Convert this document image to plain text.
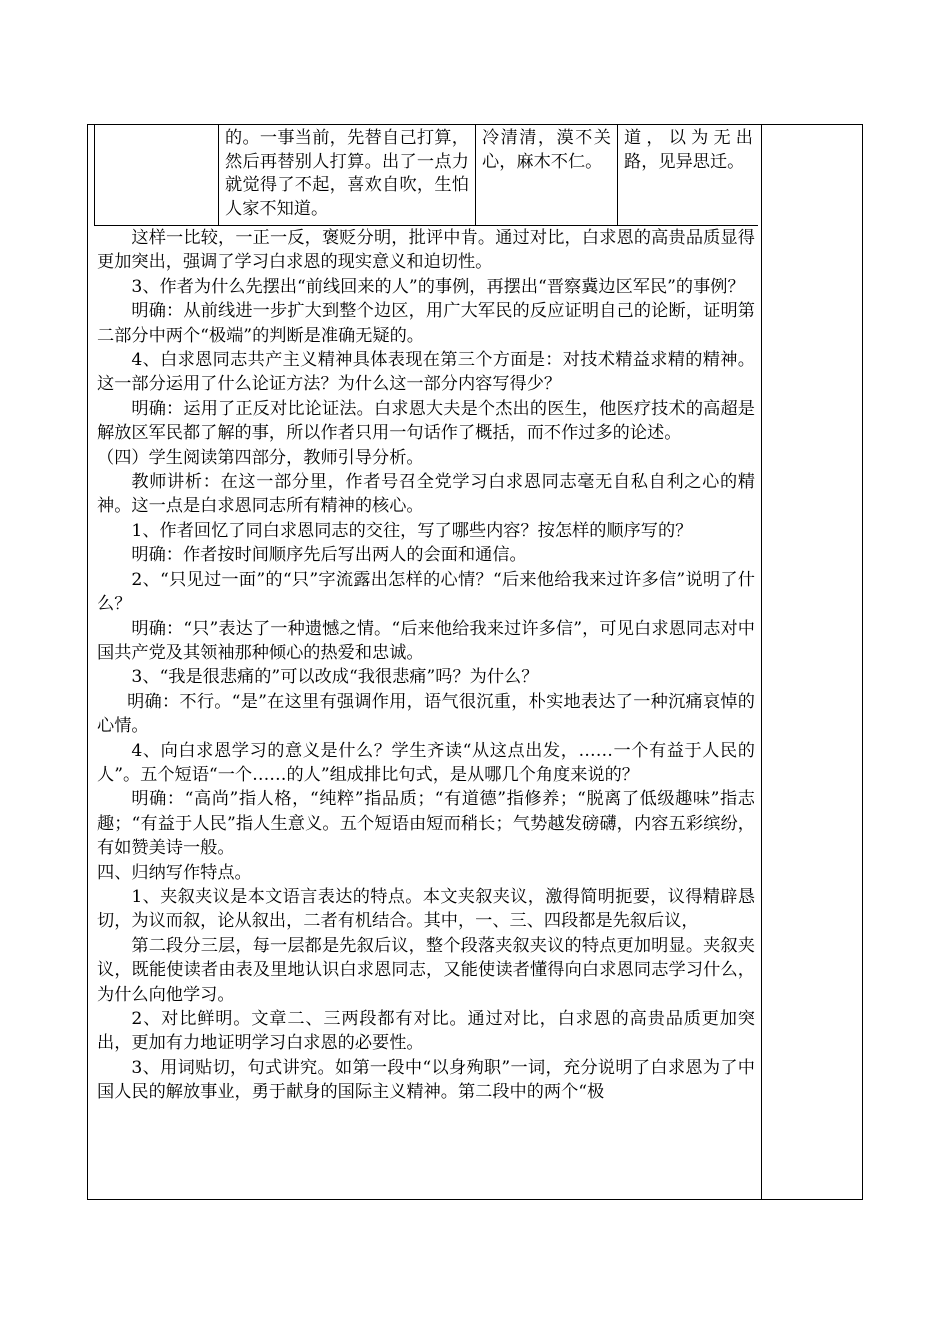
的。一事当前，先替自己打算，然后再替别人打算。出了一点力就觉得了不起，喜欢自吹，生怕人家不知道。

冷清清，漠不关心，麻木不仁。

道，以为无出路，见异思迁。

这样一比较，一正一反，褒贬分明，批评中肯。通过对比，白求恩的高贵品质显得更加突出，强调了学习白求恩的现实意义和迫切性。

3、作者为什么先摆出“前线回来的人”的事例，再摆出“晋察冀边区军民”的事例？

明确：从前线进一步扩大到整个边区，用广大军民的反应证明自己的论断，证明第二部分中两个“极端”的判断是准确无疑的。

4、白求恩同志共产主义精神具体表现在第三个方面是：对技术精益求精的精神。这一部分运用了什么论证方法？为什么这一部分内容写得少？

明确：运用了正反对比论证法。白求恩大夫是个杰出的医生，他医疗技术的高超是解放区军民都了解的事，所以作者只用一句话作了概括，而不作过多的论述。

（四）学生阅读第四部分，教师引导分析。

教师讲析：在这一部分里，作者号召全党学习白求恩同志毫无自私自利之心的精神。这一点是白求恩同志所有精神的核心。

1、作者回忆了同白求恩同志的交往，写了哪些内容？按怎样的顺序写的？

明确：作者按时间顺序先后写出两人的会面和通信。

2、“只见过一面”的“只”字流露出怎样的心情？“后来他给我来过许多信”说明了什么？

明确：“只”表达了一种遗憾之情。“后来他给我来过许多信”，可见白求恩同志对中国共产党及其领袖那种倾心的热爱和忠诚。

3、“我是很悲痛的”可以改成“我很悲痛”吗？为什么？

明确：不行。“是”在这里有强调作用，语气很沉重，朴实地表达了一种沉痛哀悼的心情。

4、向白求恩学习的意义是什么？学生齐读“从这点出发，……一个有益于人民的人”。五个短语“一个……的人”组成排比句式，是从哪几个角度来说的？

明确：“高尚”指人格，“纯粹”指品质；“有道德”指修养；“脱离了低级趣味”指志趣；“有益于人民”指人生意义。五个短语由短而稍长；气势越发磅礴，内容五彩缤纷，有如赞美诗一般。

四、归纳写作特点。

1、夹叙夹议是本文语言表达的特点。本文夹叙夹议，激得简明扼要，议得精辟恳切，为议而叙，论从叙出，二者有机结合。其中，一、三、四段都是先叙后议，

第二段分三层，每一层都是先叙后议，整个段落夹叙夹议的特点更加明显。夹叙夹议，既能使读者由表及里地认识白求恩同志，又能使读者懂得向白求恩同志学习什么，为什么向他学习。

2、对比鲜明。文章二、三两段都有对比。通过对比，白求恩的高贵品质更加突出，更加有力地证明学习白求恩的必要性。

3、用词贴切，句式讲究。如第一段中“以身殉职”一词，充分说明了白求恩为了中国人民的解放事业，勇于献身的国际主义精神。第二段中的两个“极
